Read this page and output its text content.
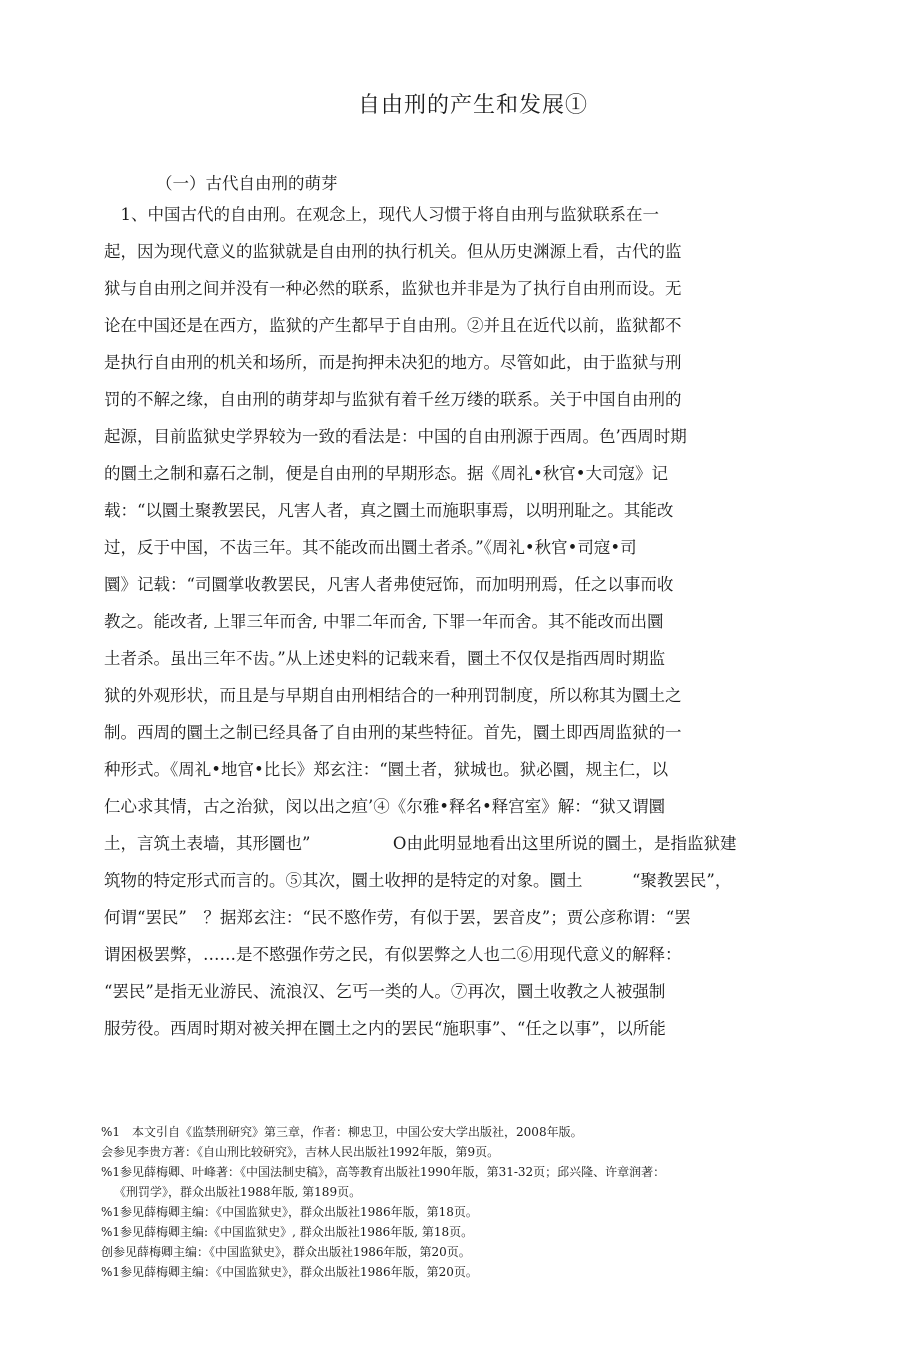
自由刑的产生和发展①
（一）古代自由刑的萌芽
　1、中国古代的自由刑。在观念上，现代人习惯于将自由刑与监狱联系在一
起，因为现代意义的监狱就是自由刑的执行机关。但从历史渊源上看，古代的监
狱与自由刑之间并没有一种必然的联系，监狱也并非是为了执行自由刑而设。无
论在中国还是在西方，监狱的产生都早于自由刑。②并且在近代以前，监狱都不
是执行自由刑的机关和场所，而是拘押未决犯的地方。尽管如此，由于监狱与刑
罚的不解之缘，自由刑的萌芽却与监狱有着千丝万缕的联系。关于中国自由刑的
起源，目前监狱史学界较为一致的看法是：中国的自由刑源于西周。色’西周时期
的圜土之制和嘉石之制，便是自由刑的早期形态。据《周礼•秋官•大司寇》记
载：“以圜土聚教罢民，凡害人者，真之圜土而施职事焉，以明刑耻之。其能改
过，反于中国，不齿三年。其不能改而出圜土者杀。”《周礼•秋官•司寇•司
圜》记载：“司圜掌收教罢民，凡害人者弗使冠饰，而加明刑焉，任之以事而收
教之。能改者, 上罪三年而舍, 中罪二年而舍, 下罪一年而舍。其不能改而出圜
土者杀。虽出三年不齿。”从上述史料的记载来看，圜土不仅仅是指西周时期监
狱的外观形状，而且是与早期自由刑相结合的一种刑罚制度，所以称其为圜土之
制。西周的圜土之制已经具备了自由刑的某些特征。首先，圜土即西周监狱的一
种形式。《周礼•地官•比长》郑玄注：“圜土者，狱城也。狱必圜，规主仁，以
仁心求其情，古之治狱，闵以出之疸’④《尔雅•释名•释宫室》解：“狱又谓圜
土，言筑土表墙，其形圜也”　　　　　O由此明显地看出这里所说的圜土，是指监狱建
筑物的特定形式而言的。⑤其次，圜土收押的是特定的对象。圜土　　　“聚教罢民”，
何谓“罢民”　？据郑玄注：“民不愍作劳，有似于罢，罢音皮”；贾公彦称谓：“罢
谓困极罢弊，……是不愍强作劳之民，有似罢弊之人也二⑥用现代意义的解释：
“罢民”是指无业游民、流浪汉、乞丐一类的人。⑦再次，圜土收教之人被强制
服劳役。西周时期对被关押在圜土之内的罢民“施职事”、“任之以事”，以所能
%1　本文引自《监禁刑研究》第三章，作者：柳忠卫，中国公安大学出版社，2008年版。
会参见李贵方著：《自山刑比较研究》，吉林人民出版社1992年版，第9页。
%1参见薛梅卿、叶峰著：《中国法制史稿》，高等教育出版社1990年版，第31-32页；邱兴隆、许章润著：
《刑罚学》，群众出版社1988年版, 第189页。
%1参见薛梅卿主编：《中国监狱史》，群众出版社1986年版，第18页。
%1参见薛梅卿主编:《中国监狱史》, 群众出版社1986年版, 第18页。
创参见薛梅卿主编：《中国监狱史》，群众出版社1986年版，第20页。
%1参见薛梅卿主编：《中国监狱史》，群众出版社1986年版，第20页。
